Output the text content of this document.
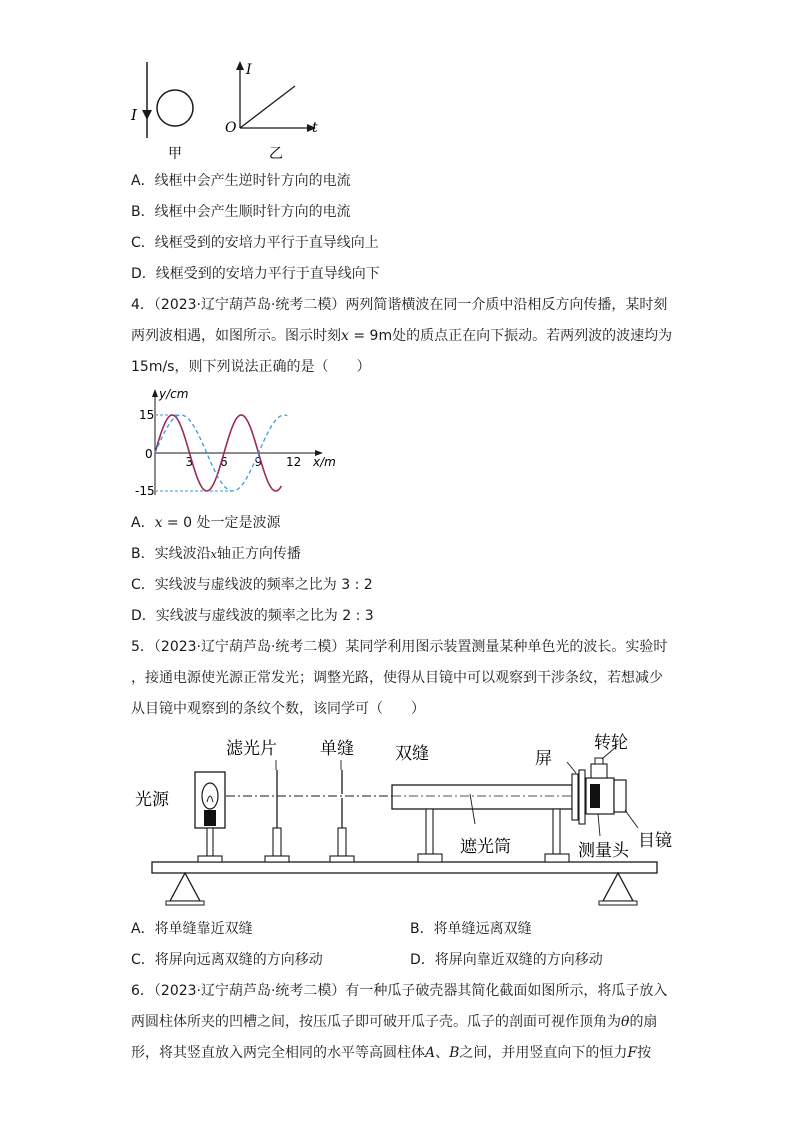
I
甲
I
t
O
乙
A．线框中会产生逆时针方向的电流
B．线框中会产生顺时针方向的电流
C．线框受到的安培力平行于直导线向上
D．线框受到的安培力平行于直导线向下
4．（2023·辽宁葫芦岛·统考二模）两列简谐横波在同一介质中沿相反方向传播，某时刻
两列波相遇，如图所示。图示时刻x = 9m处的质点正在向下振动。若两列波的波速均为
15m/s，则下列说法正确的是（　　）
y/cm
x/m
0
3 6 9 12
15
-15
A．x = 0 处一定是波源
B．实线波沿x轴正方向传播
C．实线波与虚线波的频率之比为 3 : 2
D．实线波与虚线波的频率之比为 2 : 3
5．（2023·辽宁葫芦岛·统考二模）某同学利用图示装置测量某种单色光的波长。实验时
，接通电源使光源正常发光；调整光路，使得从目镜中可以观察到干涉条纹，若想减少
从目镜中观察到的条纹个数，该同学可（　　）
光源
滤光片	单缝 双缝	屏
转轮
遮光筒	测量头 目镜
A．将单缝靠近双缝	B．将单缝远离双缝
C．将屏向远离双缝的方向移动	D．将屏向靠近双缝的方向移动
6．（2023·辽宁葫芦岛·统考二模）有一种瓜子破壳器其简化截面如图所示，将瓜子放入
两圆柱体所夹的凹槽之间，按压瓜子即可破开瓜子壳。瓜子的剖面可视作顶角为θ的扇
形，将其竖直放入两完全相同的水平等高圆柱体A、B之间，并用竖直向下的恒力F按
